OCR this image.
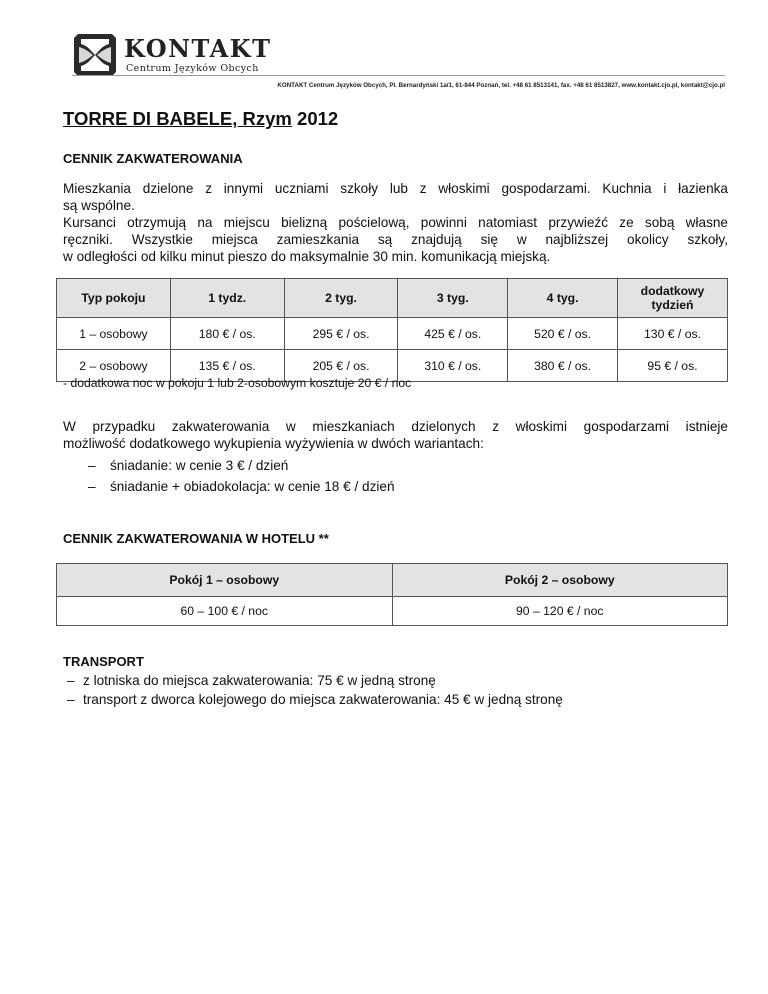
KONTAKT
Centrum Języków Obcych
KONTAKT Centrum Języków Obcych, Pl. Bernardyński 1a/1, 61-844 Poznań, tel. +48 61 8513141, fax. +48 61 8513827, www.kontakt.cjo.pl, kontakt@cjo.pl
TORRE DI BABELE, Rzym 2012
CENNIK ZAKWATEROWANIA
Mieszkania dzielone z innymi uczniami szkoły lub z włoskimi gospodarzami. Kuchnia i łazienka
są wspólne.
Kursanci otrzymują na miejscu bielizną pościelową, powinni natomiast przywieźć ze sobą własne
ręczniki. Wszystkie miejsca zamieszkania są znajdują się w najbliższej okolicy szkoły,
w odległości od kilku minut pieszo do maksymalnie 30 min. komunikacją miejską.
Typ pokoju	1 tydz.	2 tyg.	3 tyg.	4 tyg.	dodatkowy tydzień
1 – osobowy	180 € / os.	295 € / os.	425 € / os.	520 € / os.	130 € / os.
2 – osobowy	135 € / os.	205 € / os.	310 € / os.	380 € / os.	95 € / os.
- dodatkowa noc w pokoju 1 lub 2-osobowym kosztuje 20 € / noc
W przypadku zakwaterowania w mieszkaniach dzielonych z włoskimi gospodarzami istnieje
możliwość dodatkowego wykupienia wyżywienia w dwóch wariantach:
– śniadanie: w cenie 3 € / dzień
– śniadanie + obiadokolacja: w cenie 18 € / dzień
CENNIK ZAKWATEROWANIA W HOTELU **
Pokój 1 – osobowy	Pokój 2 – osobowy
60 – 100 € / noc	90 – 120 € / noc
TRANSPORT
– z lotniska do miejsca zakwaterowania: 75 € w jedną stronę
– transport z dworca kolejowego do miejsca zakwaterowania: 45 € w jedną stronę
